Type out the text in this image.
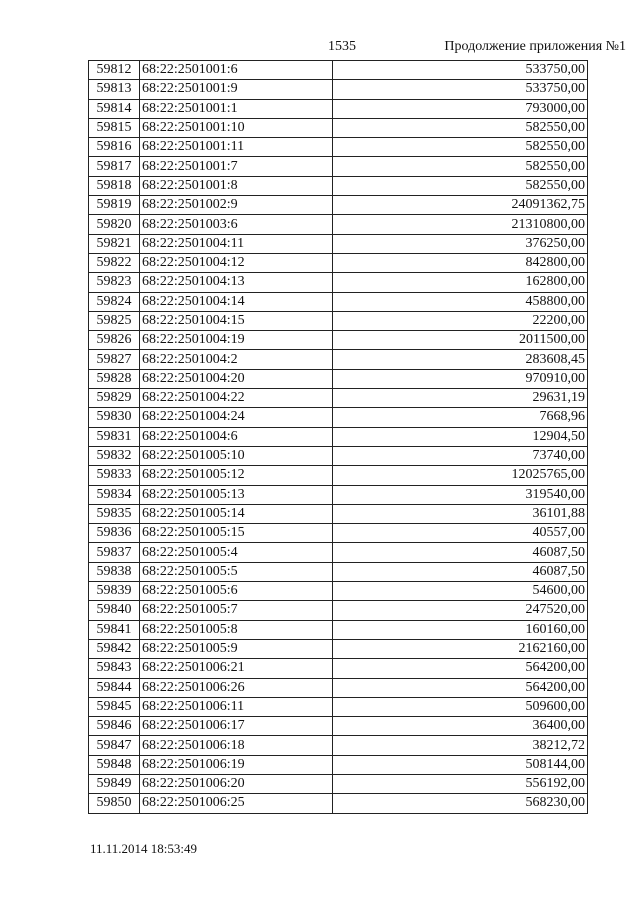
1535	Продолжение приложения №1
59812	68:22:2501001:6	533750,00
59813	68:22:2501001:9	533750,00
59814	68:22:2501001:1	793000,00
59815	68:22:2501001:10	582550,00
59816	68:22:2501001:11	582550,00
59817	68:22:2501001:7	582550,00
59818	68:22:2501001:8	582550,00
59819	68:22:2501002:9	24091362,75
59820	68:22:2501003:6	21310800,00
59821	68:22:2501004:11	376250,00
59822	68:22:2501004:12	842800,00
59823	68:22:2501004:13	162800,00
59824	68:22:2501004:14	458800,00
59825	68:22:2501004:15	22200,00
59826	68:22:2501004:19	2011500,00
59827	68:22:2501004:2	283608,45
59828	68:22:2501004:20	970910,00
59829	68:22:2501004:22	29631,19
59830	68:22:2501004:24	7668,96
59831	68:22:2501004:6	12904,50
59832	68:22:2501005:10	73740,00
59833	68:22:2501005:12	12025765,00
59834	68:22:2501005:13	319540,00
59835	68:22:2501005:14	36101,88
59836	68:22:2501005:15	40557,00
59837	68:22:2501005:4	46087,50
59838	68:22:2501005:5	46087,50
59839	68:22:2501005:6	54600,00
59840	68:22:2501005:7	247520,00
59841	68:22:2501005:8	160160,00
59842	68:22:2501005:9	2162160,00
59843	68:22:2501006:21	564200,00
59844	68:22:2501006:26	564200,00
59845	68:22:2501006:11	509600,00
59846	68:22:2501006:17	36400,00
59847	68:22:2501006:18	38212,72
59848	68:22:2501006:19	508144,00
59849	68:22:2501006:20	556192,00
59850	68:22:2501006:25	568230,00
11.11.2014 18:53:49
